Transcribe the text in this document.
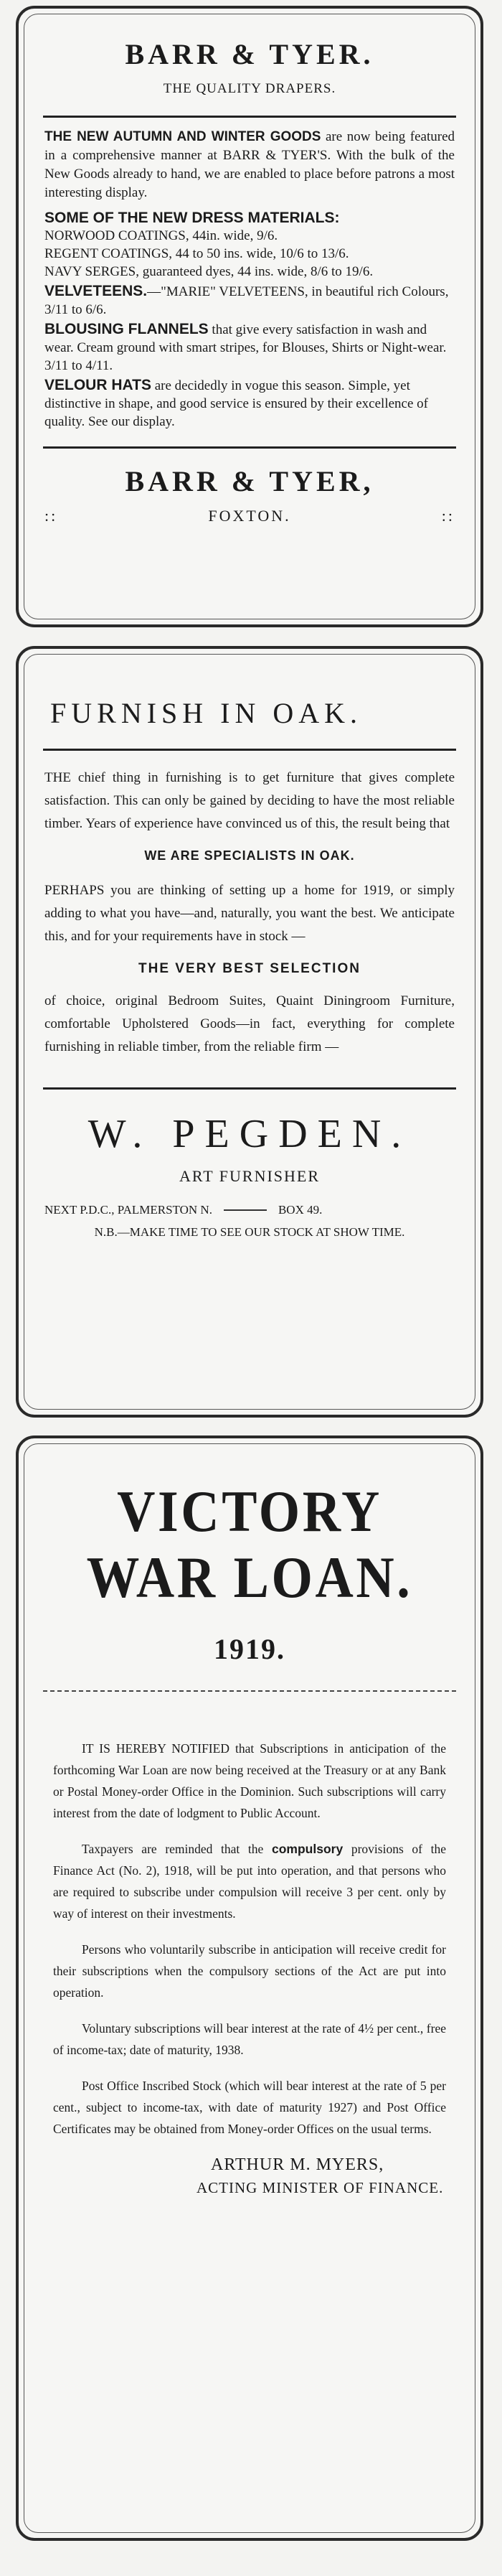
BARR & TYER.
THE QUALITY DRAPERS.

THE NEW AUTUMN AND WINTER GOODS are now being featured in a comprehensive manner at BARR & TYER'S. With the bulk of the New Goods already to hand, we are enabled to place before patrons a most interesting display.

SOME OF THE NEW DRESS MATERIALS:

NORWOOD COATINGS, 44in. wide, 9/6.

REGENT COATINGS, 44 to 50 ins. wide, 10/6 to 13/6.

NAVY SERGES, guaranteed dyes, 44 ins. wide, 8/6 to 19/6.

VELVETEENS.—"MARIE" VELVETEENS, in beautiful rich Colours, 3/11 to 6/6.

BLOUSING FLANNELS that give every satisfaction in wash and wear. Cream ground with smart stripes, for Blouses, Shirts or Night-wear. 3/11 to 4/11.

VELOUR HATS are decidedly in vogue this season. Simple, yet distinctive in shape, and good service is ensured by their excellence of quality. See our display.

BARR & TYER,
::	FOXTON.	::
FURNISH IN OAK.

THE chief thing in furnishing is to get furniture that gives complete satisfaction. This can only be gained by deciding to have the most reliable timber. Years of experience have convinced us of this, the result being that

WE ARE SPECIALISTS IN OAK.

PERHAPS you are thinking of setting up a home for 1919, or simply adding to what you have—and, naturally, you want the best. We anticipate this, and for your requirements have in stock —

THE VERY BEST SELECTION

of choice, original Bedroom Suites, Quaint Diningroom Furniture, comfortable Upholstered Goods—in fact, everything for complete furnishing in reliable timber, from the reliable firm —

W. PEGDEN.
ART FURNISHER
NEXT P.D.C., PALMERSTON N.	BOX 49.

N.B.—MAKE TIME TO SEE OUR STOCK AT SHOW TIME.

VICTORY
WAR LOAN.
1919.

IT IS HEREBY NOTIFIED that Subscriptions in anticipation of the forthcoming War Loan are now being received at the Treasury or at any Bank or Postal Money-order Office in the Dominion. Such subscriptions will carry interest from the date of lodgment to Public Account.

Taxpayers are reminded that the compulsory provisions of the Finance Act (No. 2), 1918, will be put into operation, and that persons who are required to subscribe under compulsion will receive 3 per cent. only by way of interest on their investments.

Persons who voluntarily subscribe in anticipation will receive credit for their subscriptions when the compulsory sections of the Act are put into operation.

Voluntary subscriptions will bear interest at the rate of 4½ per cent., free of income-tax; date of maturity, 1938.

Post Office Inscribed Stock (which will bear interest at the rate of 5 per cent., subject to income-tax, with date of maturity 1927) and Post Office Certificates may be obtained from Money-order Offices on the usual terms.

ARTHUR M. MYERS,

ACTING MINISTER OF FINANCE.
